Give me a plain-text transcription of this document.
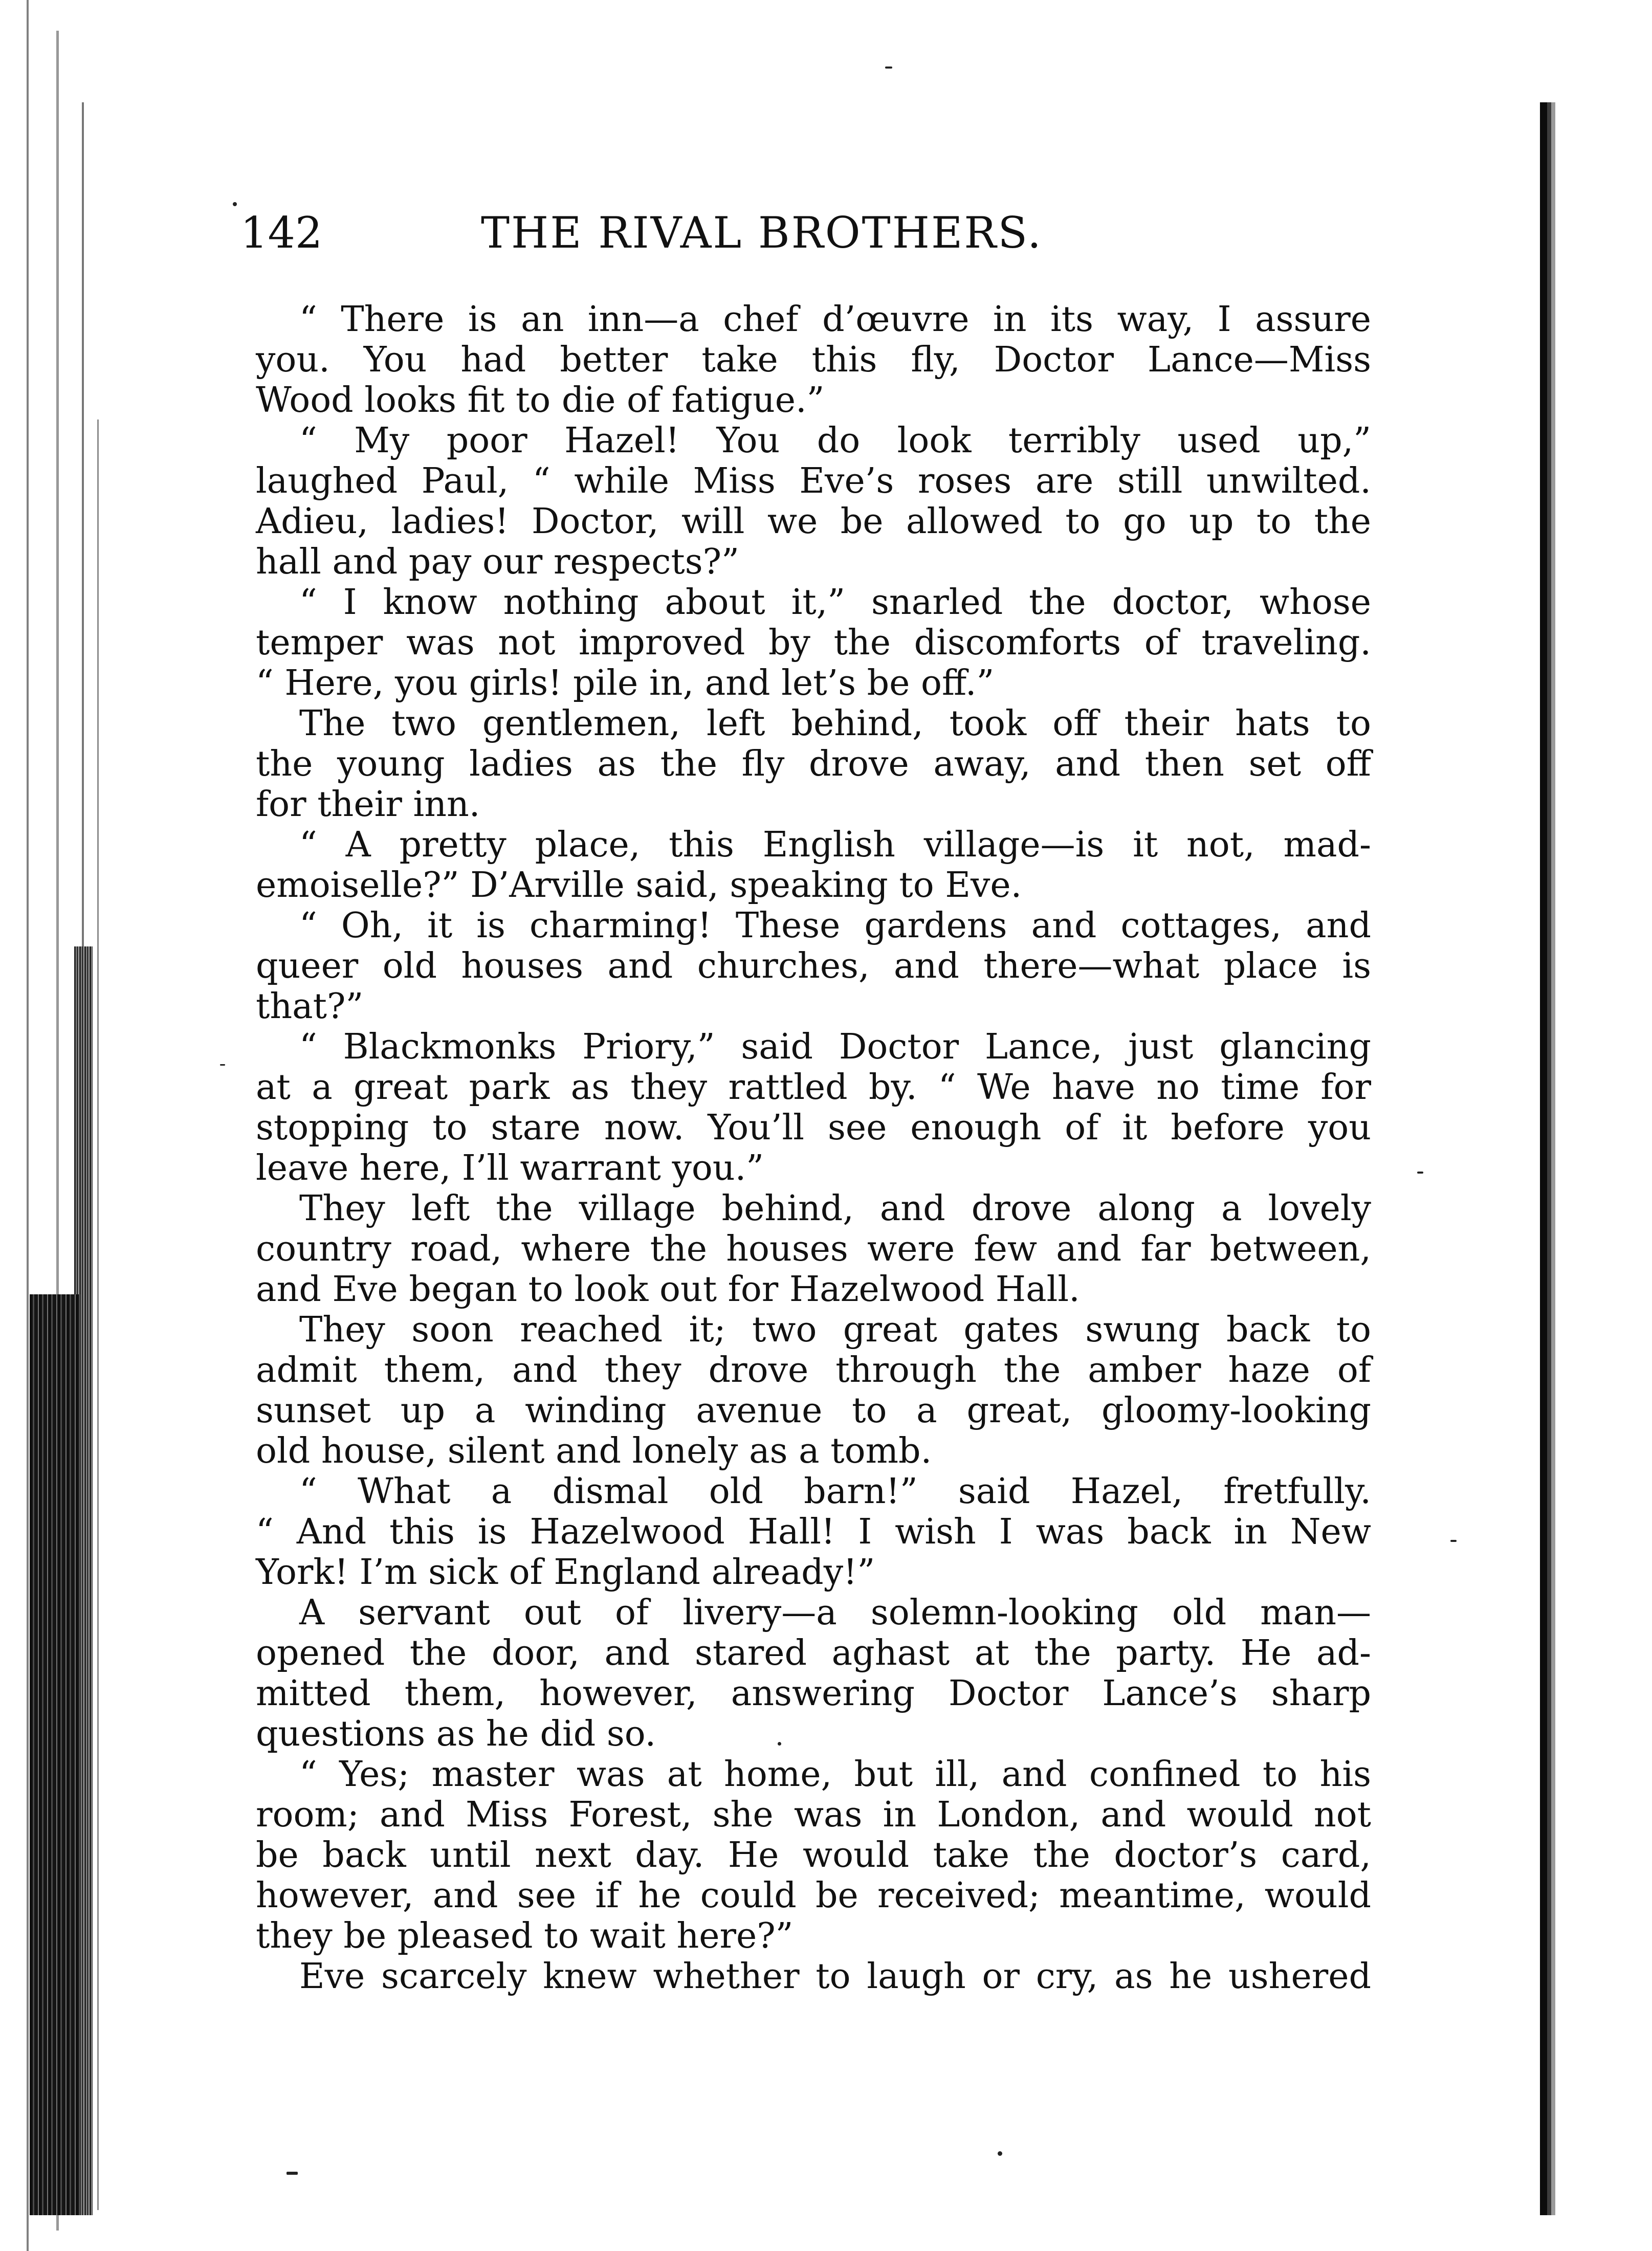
142	THE RIVAL BROTHERS.
“ There is an inn—a chef d’œuvre in its way, I assure
you. You had better take this fly, Doctor Lance—Miss
Wood looks fit to die of fatigue.”
“ My poor Hazel! You do look terribly used up,”
laughed Paul, “ while Miss Eve’s roses are still unwilted.
Adieu, ladies! Doctor, will we be allowed to go up to the
hall and pay our respects?”
“ I know nothing about it,” snarled the doctor, whose
temper was not improved by the discomforts of traveling.
“ Here, you girls! pile in, and let’s be off.”
The two gentlemen, left behind, took off their hats to
the young ladies as the fly drove away, and then set off
for their inn.
“ A pretty place, this English village—is it not, mad-
emoiselle?” D’Arville said, speaking to Eve.
“ Oh, it is charming! These gardens and cottages, and
queer old houses and churches, and there—what place is
that?”
“ Blackmonks Priory,” said Doctor Lance, just glancing
at a great park as they rattled by. “ We have no time for
stopping to stare now. You’ll see enough of it before you
leave here, I’ll warrant you.”
They left the village behind, and drove along a lovely
country road, where the houses were few and far between,
and Eve began to look out for Hazelwood Hall.
They soon reached it; two great gates swung back to
admit them, and they drove through the amber haze of
sunset up a winding avenue to a great, gloomy-looking
old house, silent and lonely as a tomb.
“ What a dismal old barn!” said Hazel, fretfully.
“ And this is Hazelwood Hall! I wish I was back in New
York! I’m sick of England already!”
A servant out of livery—a solemn-looking old man—
opened the door, and stared aghast at the party. He ad-
mitted them, however, answering Doctor Lance’s sharp
questions as he did so.
“ Yes; master was at home, but ill, and confined to his
room; and Miss Forest, she was in London, and would not
be back until next day. He would take the doctor’s card,
however, and see if he could be received; meantime, would
they be pleased to wait here?”
Eve scarcely knew whether to laugh or cry, as he ushered
